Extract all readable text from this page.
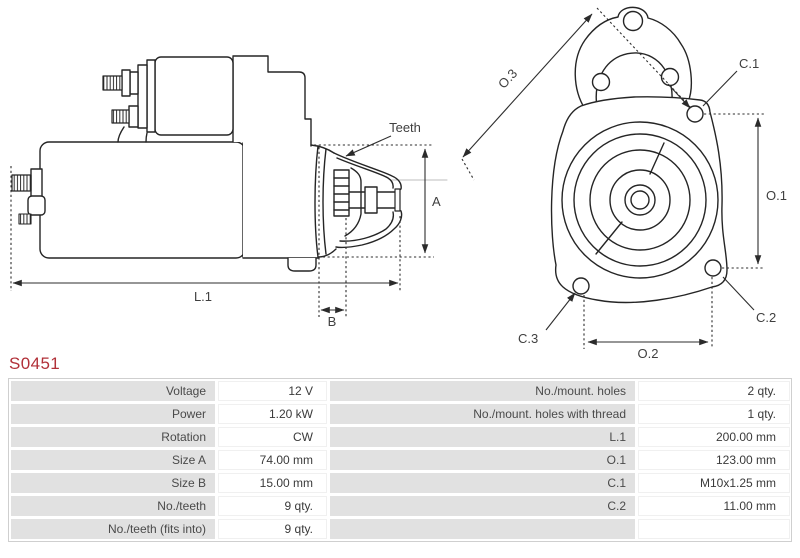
Teeth
L.1
B
A
O.3
C.1
O.1
C.2
C.3
O.2
S0451
Voltage	12 V	No./mount. holes	2 qty.
Power	1.20 kW	No./mount. holes with thread	1 qty.
Rotation	CW	L.1	200.00 mm
Size A	74.00 mm	O.1	123.00 mm
Size B	15.00 mm	C.1	M10x1.25 mm
No./teeth	9 qty.	C.2	11.00 mm
No./teeth (fits into)	9 qty.
